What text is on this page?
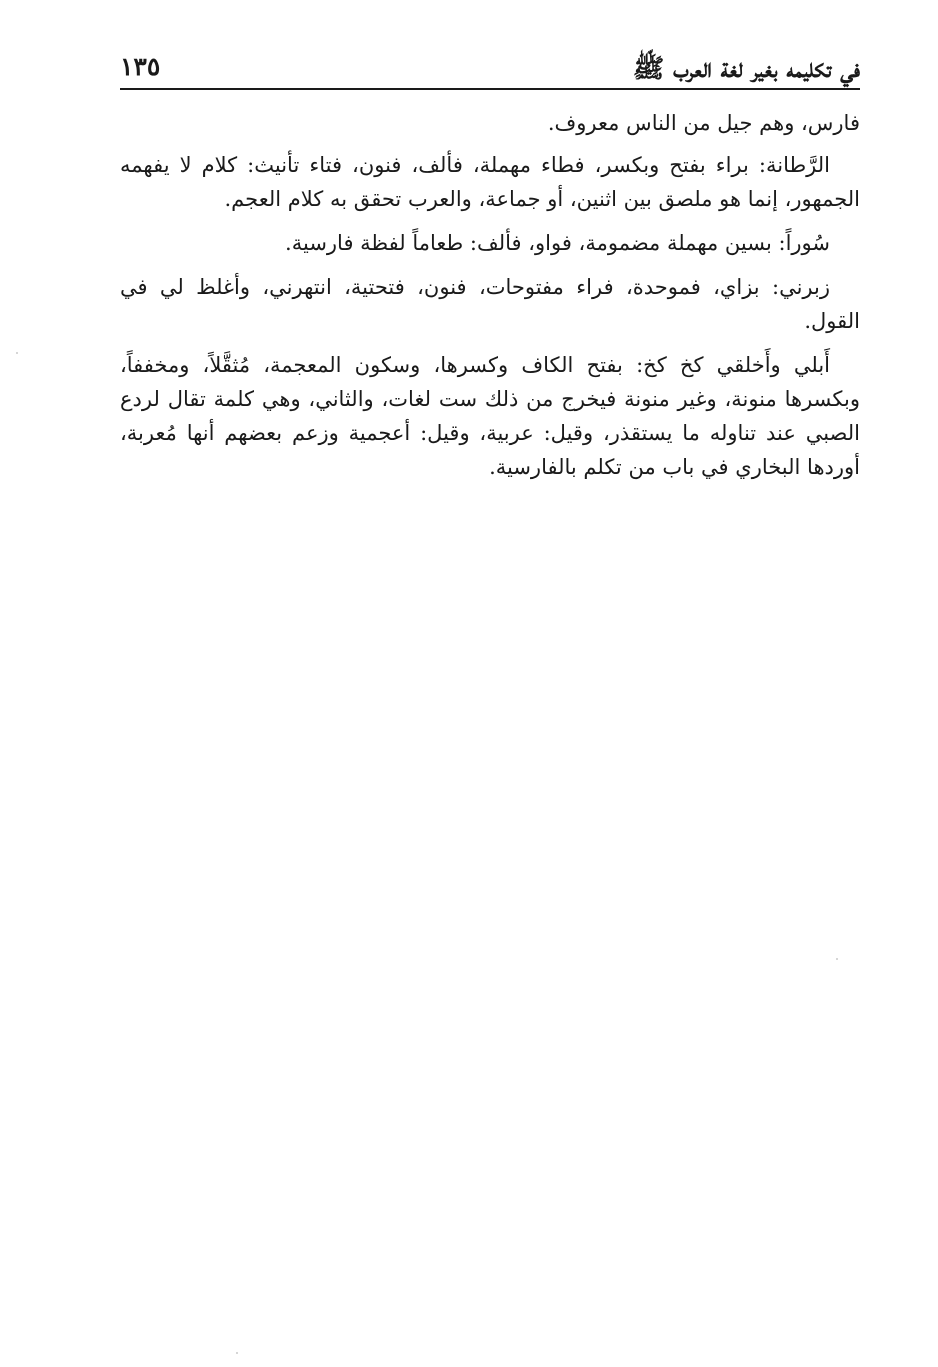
في تكليمه بغير لغة العرب ﷺ
١٣٥

فارس، وهم جيل من الناس معروف.

الرَّطانة: براء بفتح وبكسر، فطاء مهملة، فألف، فنون، فتاء تأنيث: كلام لا يفهمه الجمهور، إنما هو ملصق بين اثنين، أو جماعة، والعرب تحقق به كلام العجم.

سُوراً: بسين مهملة مضمومة، فواو، فألف: طعاماً لفظة فارسية.

زبرني: بزاي، فموحدة، فراء مفتوحات، فنون، فتحتية، انتهرني، وأغلظ لي في القول.

أَبلي وأَخلقي كخ كخ: بفتح الكاف وكسرها، وسكون المعجمة، مُثقَّلاً، ومخففاً، وبكسرها منونة، وغير منونة فيخرج من ذلك ست لغات، والثاني، وهي كلمة تقال لردع الصبي عند تناوله ما يستقذر، وقيل: عربية، وقيل: أعجمية وزعم بعضهم أنها مُعربة، أوردها البخاري في باب من تكلم بالفارسية.
